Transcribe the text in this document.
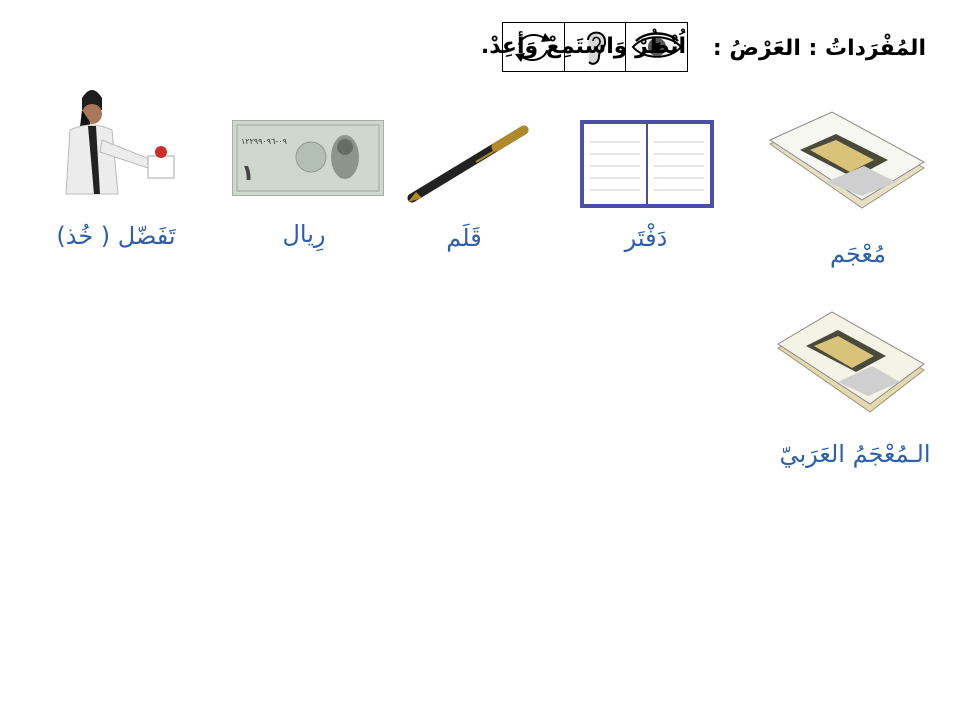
المُفْرَداتُ : العَرْضُ :
اُنْظُرْ وَاستَمِعْ وَأعِدْ.
مُعْجَم
دَفْتَر
قَلَم
٠٩-١٢٢٩٩٠٩٦
١
رِيال
تَفَضّل ( خُذ)
الـمُعْجَمُ العَرَبيّ
